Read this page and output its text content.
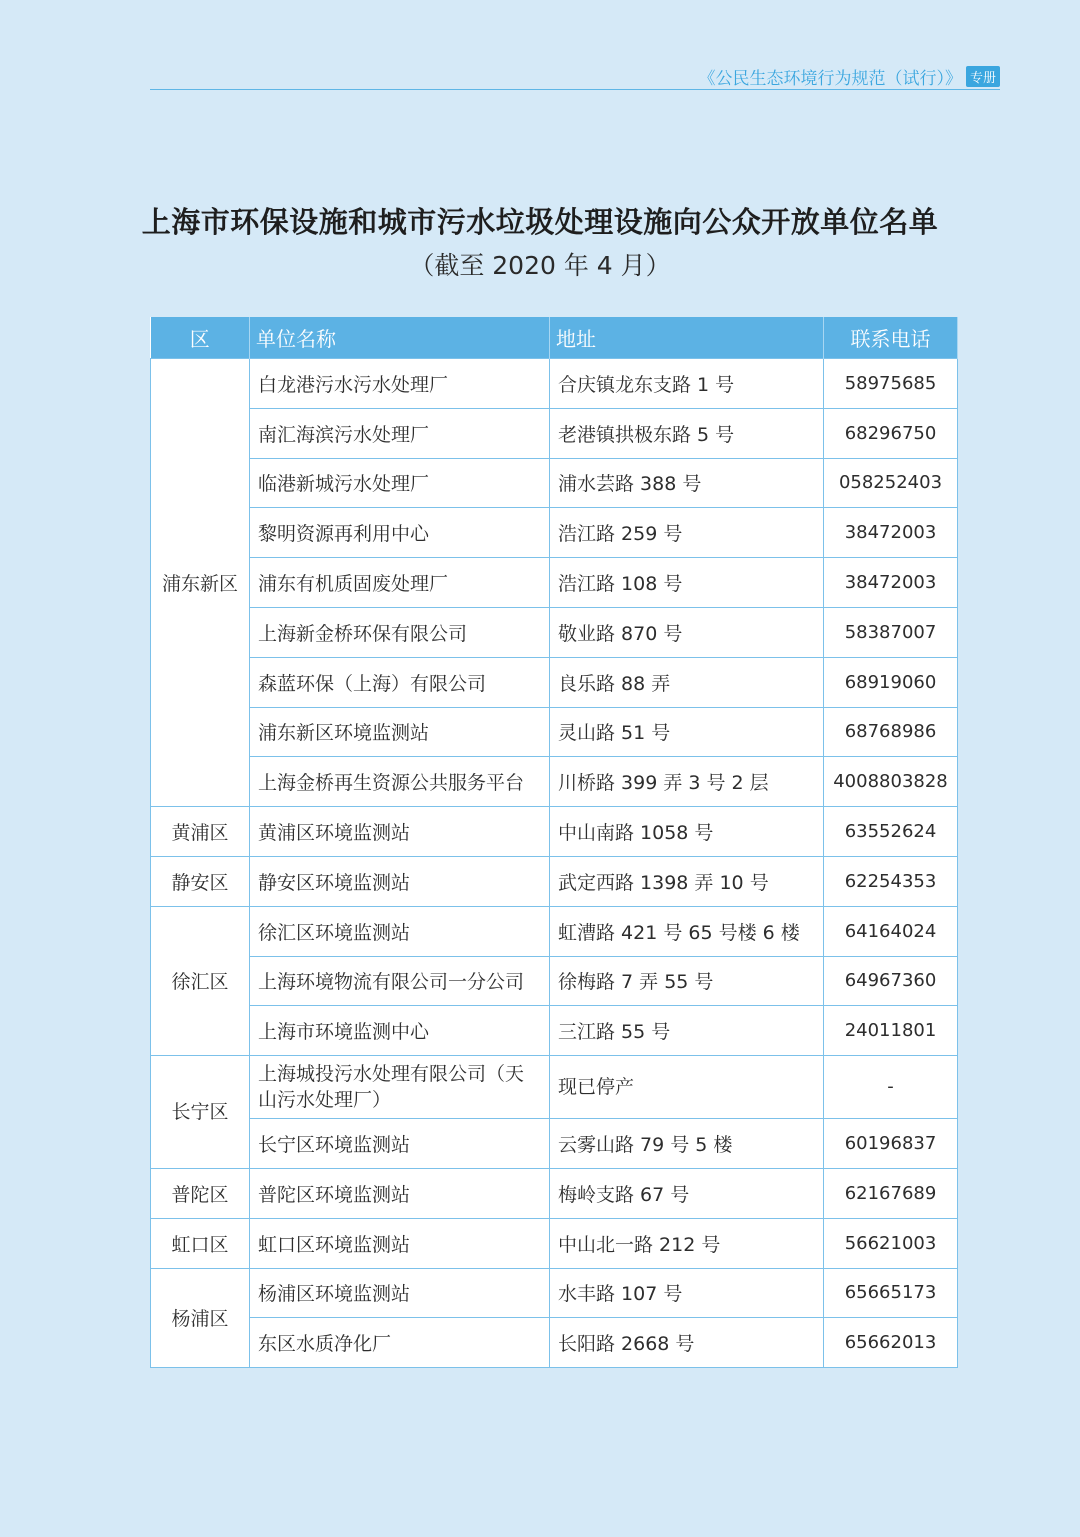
《公民生态环境行为规范（试行）》 专册
上海市环保设施和城市污水垃圾处理设施向公众开放单位名单
（截至 2020 年 4 月）
区	单位名称	地址	联系电话
浦东新区	白龙港污水污水处理厂	合庆镇龙东支路 1 号	58975685
	南汇海滨污水处理厂	老港镇拱极东路 5 号	68296750
	临港新城污水处理厂	浦水芸路 388 号	058252403
	黎明资源再利用中心	浩江路 259 号	38472003
	浦东有机质固废处理厂	浩江路 108 号	38472003
	上海新金桥环保有限公司	敬业路 870 号	58387007
	森蓝环保（上海）有限公司	良乐路 88 弄	68919060
	浦东新区环境监测站	灵山路 51 号	68768986
	上海金桥再生资源公共服务平台	川桥路 399 弄 3 号 2 层	4008803828
黄浦区	黄浦区环境监测站	中山南路 1058 号	63552624
静安区	静安区环境监测站	武定西路 1398 弄 10 号	62254353
徐汇区	徐汇区环境监测站	虹漕路 421 号 65 号楼 6 楼	64164024
	上海环境物流有限公司一分公司	徐梅路 7 弄 55 号	64967360
	上海市环境监测中心	三江路 55 号	24011801
长宁区	上海城投污水处理有限公司（天山污水处理厂）	现已停产	-
	长宁区环境监测站	云雾山路 79 号 5 楼	60196837
普陀区	普陀区环境监测站	梅岭支路 67 号	62167689
虹口区	虹口区环境监测站	中山北一路 212 号	56621003
杨浦区	杨浦区环境监测站	水丰路 107 号	65665173
	东区水质净化厂	长阳路 2668 号	65662013
